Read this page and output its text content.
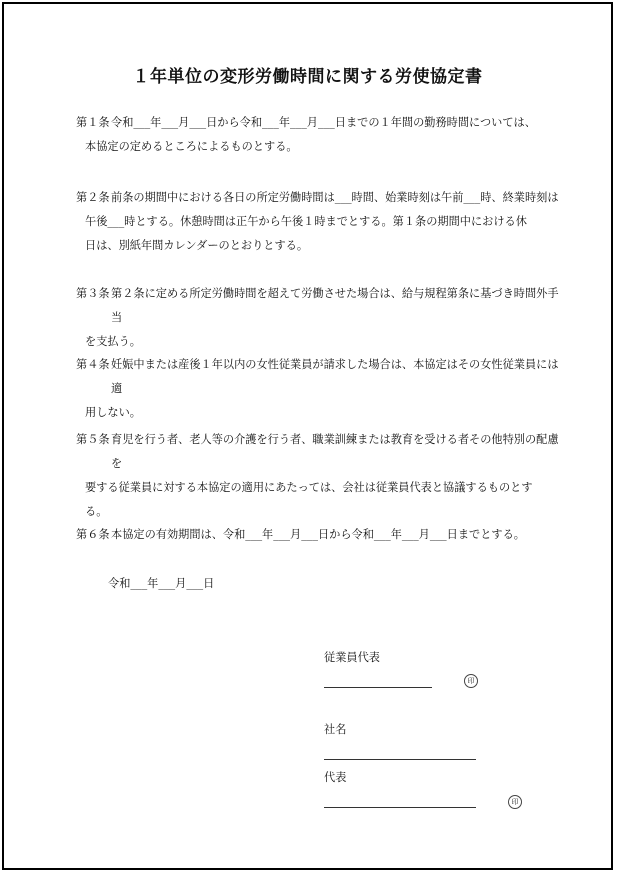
１年単位の変形労働時間に関する労使協定書
第１条 令和___年___月___日から令和___年___月___日までの１年間の勤務時間については、
本協定の定めるところによるものとする。
第２条 前条の期間中における各日の所定労働時間は___時間、始業時刻は午前___時、終業時刻は
午後___時とする。休憩時間は正午から午後１時までとする。第１条の期間中における休
日は、別紙年間カレンダーのとおりとする。
第３条 第２条に定める所定労働時間を超えて労働させた場合は、給与規程第条に基づき時間外手当
を支払う。
第４条 妊娠中または産後１年以内の女性従業員が請求した場合は、本協定はその女性従業員には適
用しない。
第５条 育児を行う者、老人等の介護を行う者、職業訓練または教育を受ける者その他特別の配慮を
要する従業員に対する本協定の適用にあたっては、会社は従業員代表と協議するものとす
る。
第６条 本協定の有効期間は、令和___年___月___日から令和___年___月___日までとする。
令和___年___月___日
従業員代表
印
社名
代表
印
